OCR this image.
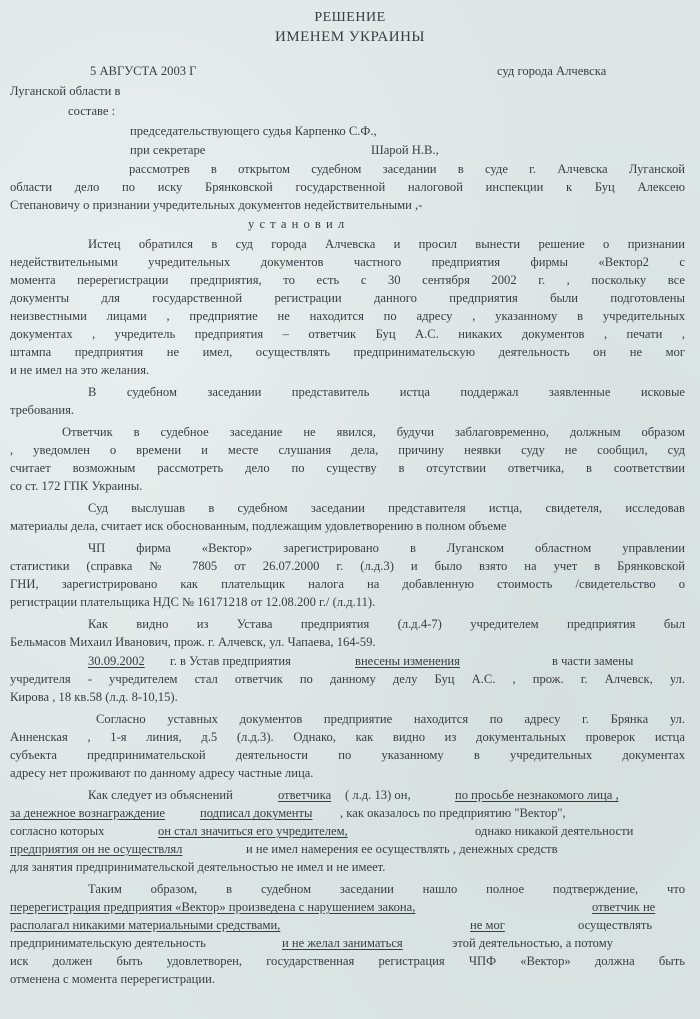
РЕШЕНИЕ
ИМЕНЕМ УКРАИНЫ
5 АВГУСТА 2003 Г	суд города Алчевска
Луганской области в
составе :
председательствующего судья Карпенко С.Ф.,
при секретаре	Шарой Н.В.,
рассмотрев в открытом судебном заседании в суде г. Алчевска Луганской
области дело по иску Брянковской государственной налоговой инспекции к Буц Алексею
Степановичу о признании учредительных документов недействительными ,-
у с т а н о в и л
Истец обратился в суд города Алчевска и просил вынести решение о признании
недействительными учредительных документов частного предприятия фирмы «Вектор2 с
момента перерегистрации предприятия, то есть с 30 сентября 2002 г. , поскольку все
документы для государственной регистрации данного предприятия были подготовлены
неизвестными лицами , предприятие не находится по адресу , указанному в учредительных
документах , учредитель предприятия – ответчик Буц А.С. никаких документов , печати ,
штампа предприятия не имел, осуществлять предпринимательскую деятельность он не мог
и не имел на это желания.
В судебном заседании представитель истца поддержал заявленные исковые
требования.
Ответчик в судебное заседание не явился, будучи заблаговременно, должным образом
, уведомлен о времени и месте слушания дела, причину неявки суду не сообщил, суд
считает возможным рассмотреть дело по существу в отсутствии ответчика, в соответствии
со ст. 172 ГПК Украины.
Суд выслушав в судебном заседании представителя истца, свидетеля, исследовав
материалы дела, считает иск обоснованным, подлежащим удовлетворению в полном объеме
ЧП фирма «Вектор» зарегистрировано в Луганском областном управлении
статистики (справка № 7805 от 26.07.2000 г. (л.д.3) и было взято на учет в Брянковской
ГНИ, зарегистрировано как плательщик налога на добавленную стоимость /свидетельство о
регистрации плательщика НДС № 16171218 от 12.08.200 г./ (л.д.11).
Как видно из Устава предприятия (л.д.4-7) учредителем предприятия был
Бельмасов Михаил Иванович, прож. г. Алчевск, ул. Чапаева, 164-59.
30.09.2002 г. в Устав предприятия	внесены изменения	в части замены
учредителя - учредителем стал ответчик по данному делу Буц А.С. , прож. г. Алчевск, ул.
Кирова , 18 кв.58 (л.д. 8-10,15).
Согласно уставных документов предприятие находится по адресу г. Брянка ул.
Анненская , 1-я линия, д.5 (л.д.3). Однако, как видно из документальных проверок истца
субъекта предпринимательской деятельности по указанному в учредительных документах
адресу нет проживают по данному адресу частные лица.
Как следует из объяснений	ответчика ( л.д. 13) он,	по просьбе незнакомого лица ,
за денежное вознаграждение	подписал документы , как оказалось по предприятию "Вектор",
согласно которых	он стал значиться его учредителем,	однако никакой деятельности
предприятия он не осуществлял	и не имел намерения ее осуществлять , денежных средств
для занятия предпринимательской деятельностью не имел и не имеет.
Таким образом, в судебном заседании нашло полное подтверждение, что
перерегистрация предприятия «Вектор» произведена с нарушением закона,	ответчик не
располагал никакими материальными средствами,	не мог	осуществлять
предпринимательскую деятельность	и не желал заниматься	этой деятельностью, а потому
иск должен быть удовлетворен, государственная регистрация ЧПФ «Вектор» должна быть
отменена с момента перерегистрации.
